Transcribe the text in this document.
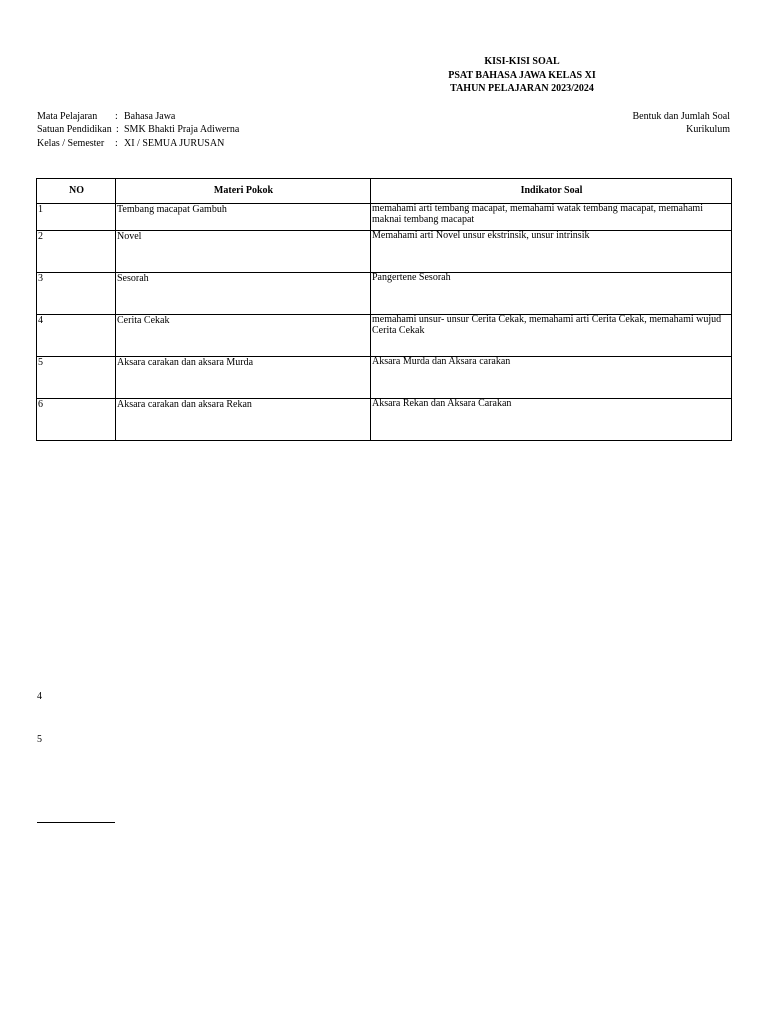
KISI-KISI SOAL
PSAT BAHASA JAWA KELAS XI
TAHUN PELAJARAN 2023/2024
Mata Pelajaran : Bahasa Jawa
Satuan Pendidikan : SMK Bhakti Praja Adiwerna
Kelas / Semester : XI / SEMUA JURUSAN
Bentuk dan Jumlah Soal
Kurikulum
NO	Materi Pokok	Indikator Soal
1	Tembang macapat Gambuh	memahami arti tembang macapat, memahami watak tembang macapat, memahami maknai tembang macapat
2	Novel	Memahami arti Novel unsur ekstrinsik, unsur intrinsik
3	Sesorah	Pangertene Sesorah
4	Cerita Cekak	memahami unsur- unsur Cerita Cekak, memahami arti Cerita Cekak, memahami wujud Cerita Cekak
5	Aksara carakan dan aksara Murda	Aksara Murda dan Aksara carakan
6	Aksara carakan dan aksara Rekan	Aksara Rekan dan Aksara Carakan
4
5
